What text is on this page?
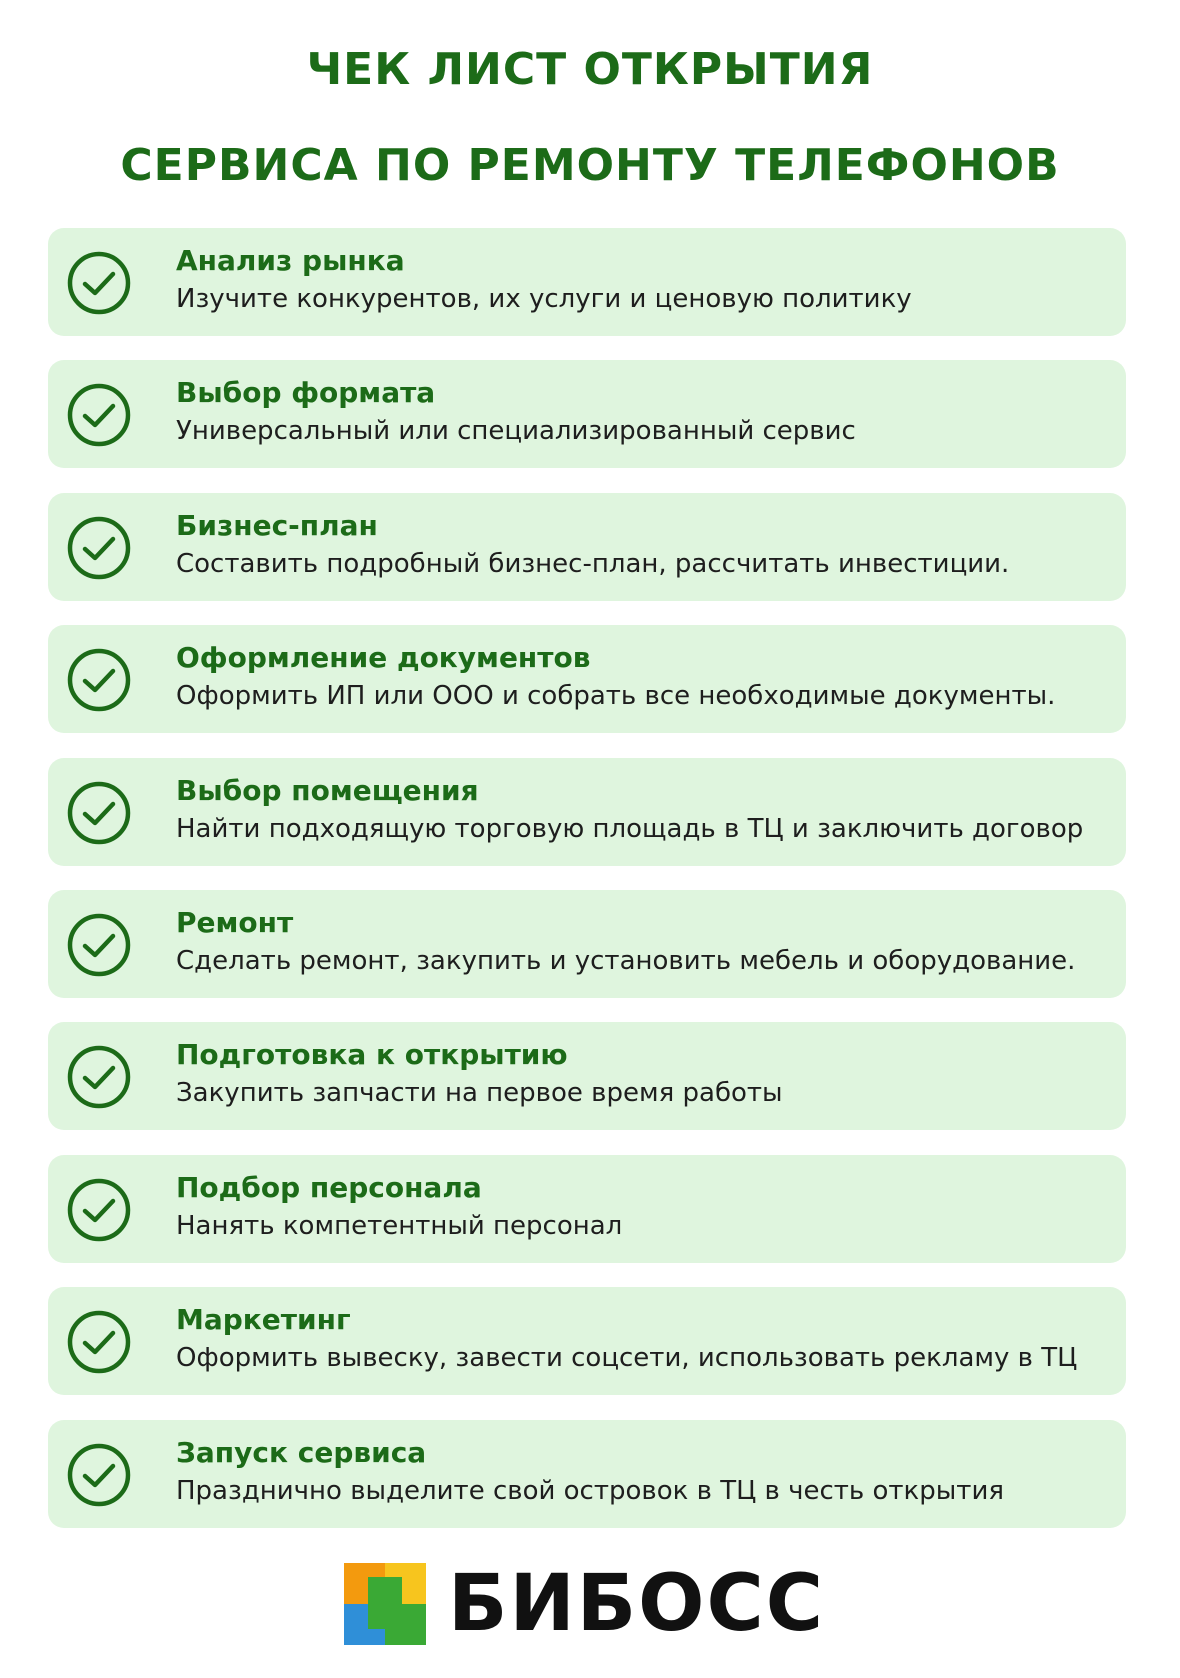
ЧЕК ЛИСТ ОТКРЫТИЯ
СЕРВИСА ПО РЕМОНТУ ТЕЛЕФОНОВ
Анализ рынка
Изучите конкурентов, их услуги и ценовую политику
Выбор формата
Универсальный или специализированный сервис
Бизнес-план
Составить подробный бизнес-план, рассчитать инвестиции.
Оформление документов
Оформить ИП или ООО и собрать все необходимые документы.
Выбор помещения
Найти подходящую торговую площадь в ТЦ и заключить договор
Ремонт
Сделать ремонт, закупить и установить мебель и оборудование.
Подготовка к открытию
Закупить запчасти на первое время работы
Подбор персонала
Нанять компетентный персонал
Маркетинг
Оформить вывеску, завести соцсети, использовать рекламу в ТЦ
Запуск сервиса
Празднично выделите свой островок в ТЦ в честь открытия
БИБОСС
